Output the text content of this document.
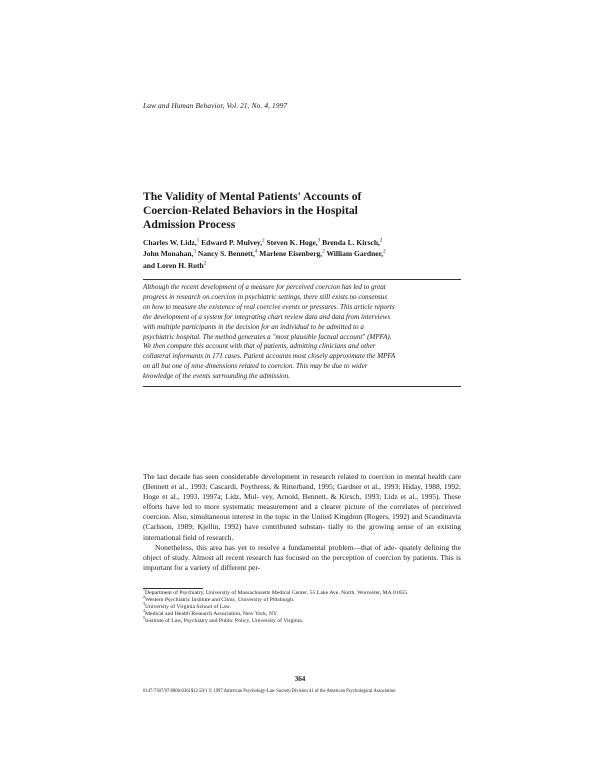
Law and Human Behavior, Vol. 21, No. 4, 1997
The Validity of Mental Patients' Accounts of
Coercion-Related Behaviors in the Hospital
Admission Process
Charles W. Lidz,$^1$ Edward P. Mulvey,$^2$ Steven K. Hoge,$^3$ Brenda L. Kirsch,$^2$
John Monahan,$^3$ Nancy S. Bennett,$^4$ Marlene Eisenberg,$^2$ William Gardner,$^2$
and Loren H. Roth$^2$
Although the recent development of a measure for perceived coercion has led to great
progress in research on coercion in psychiatric settings, there still exists no consensus
on how to measure the existence of real coercive events or pressures. This article reports
the development of a system for integrating chart review data and data from interviews
with multiple participants in the decision for an individual to be admitted to a
psychiatric hospital. The method generates a "most plausible factual account" (MPFA).
We then compare this account with that of patients, admitting clinicians and other
collateral informants in 171 cases. Patient accounts most closely approximate the MPFA
on all but one of nine dimensions related to coercion. This may be due to wider
knowledge of the events surrounding the admission.

The last decade has seen considerable development in research related to coercion in mental health care (Bennett et al., 1993; Cascardi, Poythress, & Ritterband, 1995; Gardner et al., 1993; Hiday, 1988, 1992; Hoge et al., 1993, 1997a; Lidz, Mul- vey, Arnold, Bennett, & Kirsch, 1993; Lidz et al., 1995). These efforts have led to more systematic measurement and a clearer picture of the correlates of perceived coercion. Also, simultaneous interest in the topic in the United Kingdom (Rogers, 1992) and Scandinavia (Carlsson, 1989; Kjellin, 1992) have contributed substan- tially to the growing sense of an existing international field of research.

Nonetheless, this area has yet to resolve a fundamental problem—that of ade- quately defining the object of study. Almost all recent research has focused on the perception of coercion by patients. This is important for a variety of different per-

$^1$Department of Psychiatry, University of Massachusetts Medical Center, 55 Lake Ave. North, Worcester, MA 01655.
$^2$Western Psychiatric Institute and Clinic, University of Pittsburgh.
$^3$University of Virginia School of Law.
$^4$Medical and Health Research Association, New York, NY.
$^5$Institute of Law, Psychiatry and Public Policy, University of Virginia.
364
0147-7307/97/0800-0361$12.50/1 © 1997 American Psychology-Law Society/Division 41 of the American Psychological Association
